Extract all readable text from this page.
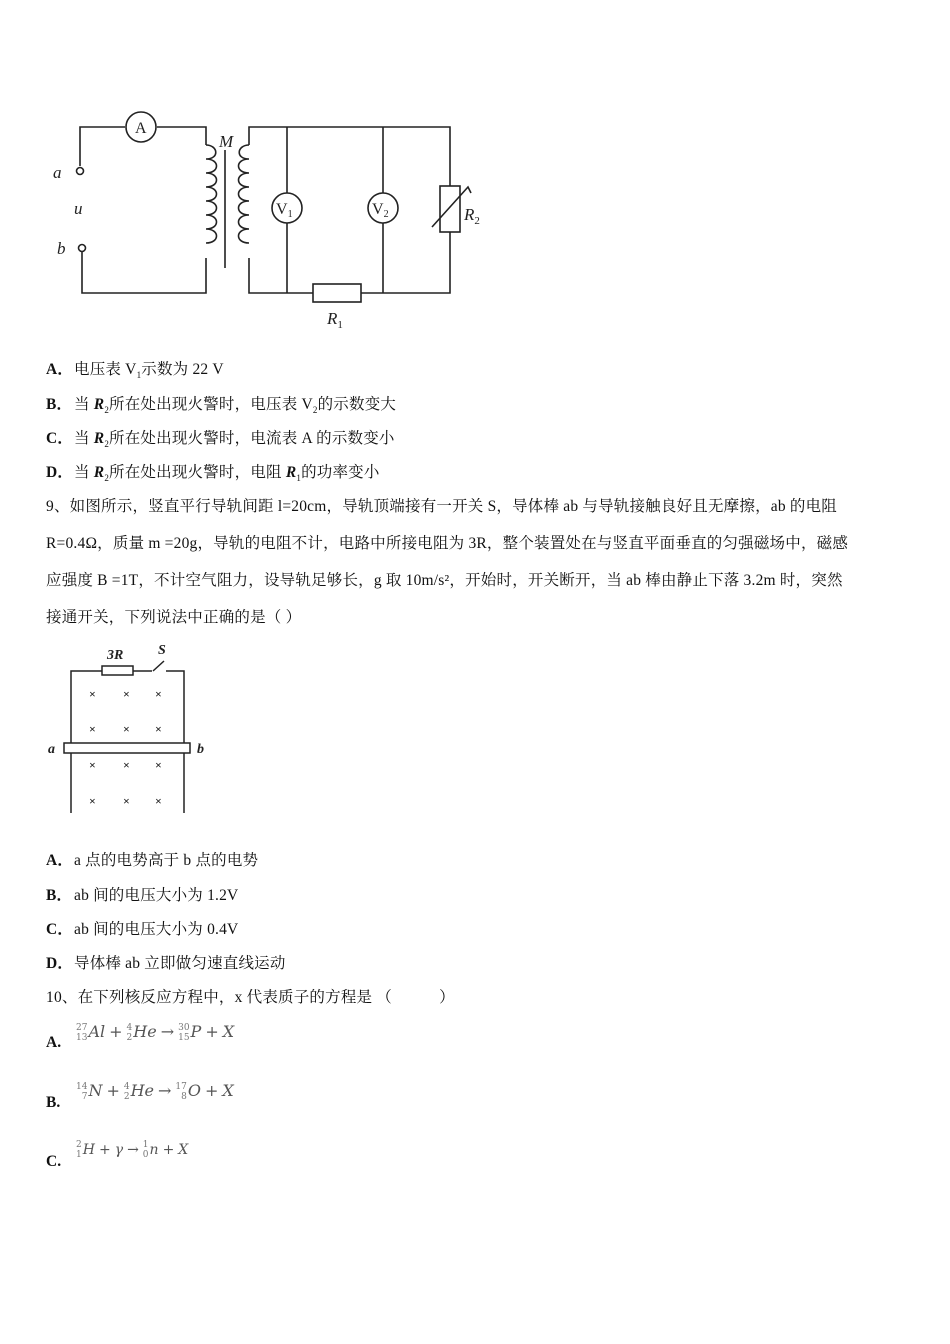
A
M
a
u
b
V1	V2	$R_2$
$R_1$
A．电压表 $V_1$示数为 22 V
B． 当 $R_2$所在处出现火警时，电压表 $V_2$的示数变大
C．当 $R_2$所在处出现火警时，电流表 A 的示数变小
D．当 $R_2$所在处出现火警时，电阻 $R_1$的功率变小
9、如图所示，竖直平行导轨间距 l=20cm，导轨顶端接有一开关 S，导体棒 ab 与导轨接触良好且无摩擦，ab 的电阻
R=0.4Ω，质量 m =20g，导轨的电阻不计，电路中所接电阻为 3R，整个装置处在与竖直平面垂直的匀强磁场中，磁感
应强度 B =1T，不计空气阻力，设导轨足够长，g 取 10m/s²，开始时，开关断开，当 ab 棒由静止下落 3.2m 时，突然
接通开关，下列说法中正确的是（ ）
3R S
a	b
× × ×
× × ×
× × ×
× × ×
A．a 点的电势高于 b 点的电势
B． ab 间的电压大小为 1.2V
C．ab 间的电压大小为 0.4V
D．导体棒 ab 立即做匀速直线运动
10、在下列核反应方程中，x 代表质子的方程是 （　　　）
A.
27
13 Al + 4
2 He → 30
15 P + X
B.
14
7 N + 4
2 He → 17
8 O + X
C.
2
1 H + γ → 1
0 n + X
